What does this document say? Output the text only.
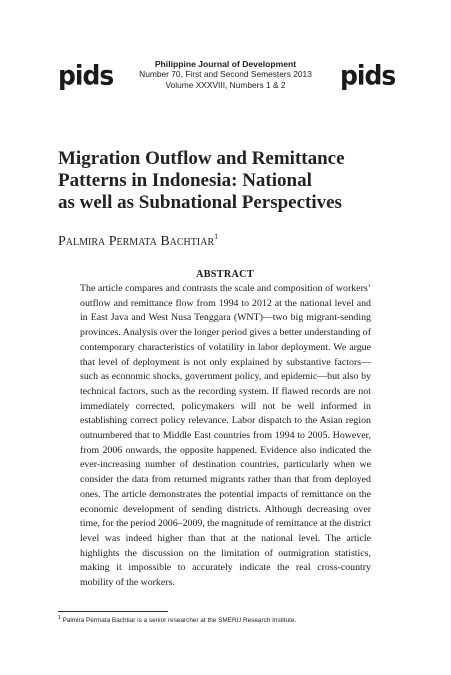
pids	Philippine Journal of Development
Number 70, First and Second Semesters 2013
Volume XXXVIII, Numbers 1 & 2	pids
Migration Outflow and Remittance
Patterns in Indonesia: National
as well as Subnational Perspectives
Palmira Permata Bachtiar$^1$
ABSTRACT
The article compares and contrasts the scale and composition of workers’ outflow and remittance flow from 1994 to 2012 at the national level and in East Java and West Nusa Tenggara (WNT)—two big migrant-sending provinces. Analysis over the longer period gives a better understanding of contemporary characteristics of volatility in labor deployment. We argue that level of deployment is not only explained by substantive factors—such as economic shocks, government policy, and epidemic—but also by technical factors, such as the recording system. If flawed records are not immediately corrected, policymakers will not be well informed in establishing correct policy relevance. Labor dispatch to the Asian region outnumbered that to Middle East countries from 1994 to 2005. However, from 2006 onwards, the opposite happened. Evidence also indicated the ever-increasing number of destination countries, particularly when we consider the data from returned migrants rather than that from deployed ones. The article demonstrates the potential impacts of remittance on the economic development of sending districts. Although decreasing over time, for the period 2006–2009, the magnitude of remittance at the district level was indeed higher than that at the national level. The article highlights the discussion on the limitation of outmigration statistics, making it impossible to accurately indicate the real cross-country mobility of the workers.
$^1$ Palmira Permata Bachtiar is a senior researcher at the SMERU Research Institute.
